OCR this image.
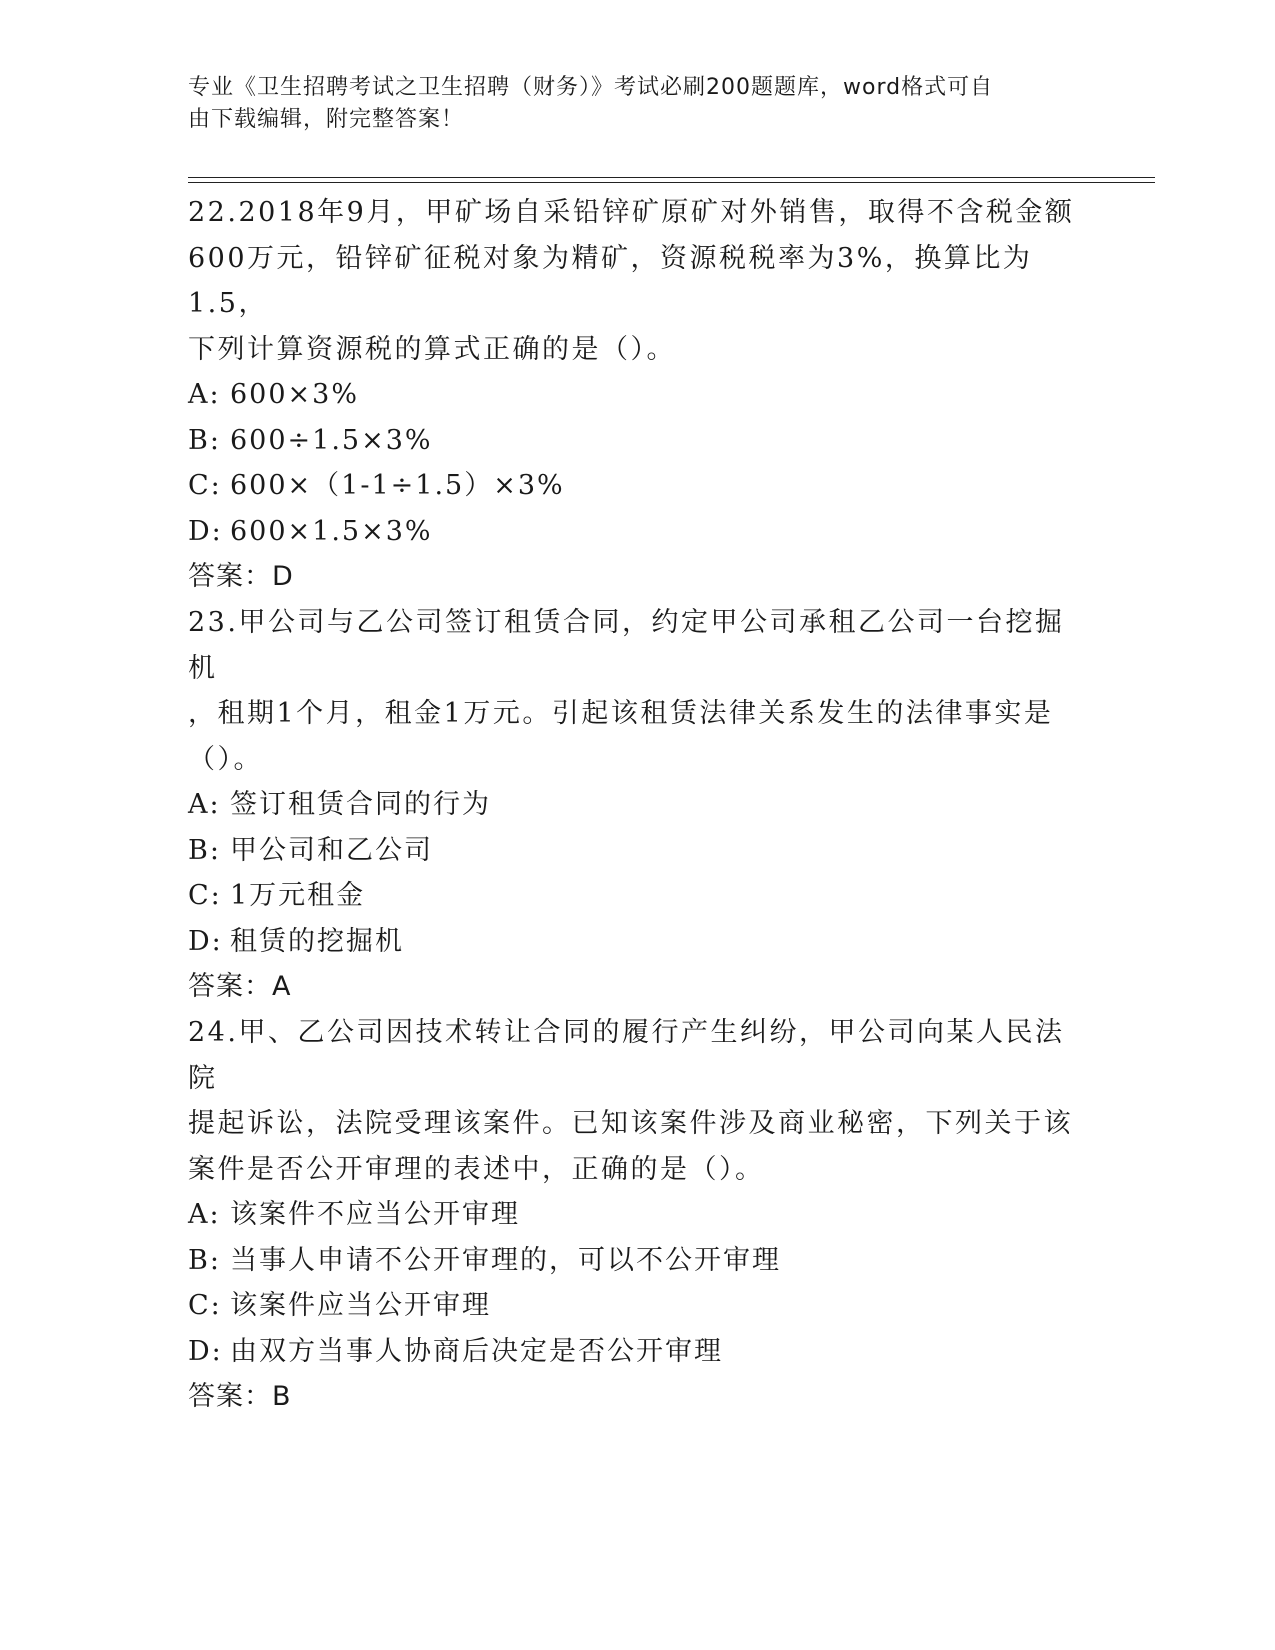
专业《卫生招聘考试之卫生招聘（财务）》考试必刷200题题库，word格式可自
由下载编辑，附完整答案！

22.2018年9月，甲矿场自采铅锌矿原矿对外销售，取得不含税金额

600万元，铅锌矿征税对象为精矿，资源税税率为3%，换算比为1.5，

下列计算资源税的算式正确的是（）。

A: 600×3%

B: 600÷1.5×3%

C: 600×（1-1÷1.5）×3%

D: 600×1.5×3%

答案：D

23.甲公司与乙公司签订租赁合同，约定甲公司承租乙公司一台挖掘机

，租期1个月，租金1万元。引起该租赁法律关系发生的法律事实是

（）。

A: 签订租赁合同的行为

B: 甲公司和乙公司

C: 1万元租金

D: 租赁的挖掘机

答案：A

24.甲、乙公司因技术转让合同的履行产生纠纷，甲公司向某人民法院

提起诉讼，法院受理该案件。已知该案件涉及商业秘密，下列关于该

案件是否公开审理的表述中，正确的是（）。

A: 该案件不应当公开审理

B: 当事人申请不公开审理的，可以不公开审理

C: 该案件应当公开审理

D: 由双方当事人协商后决定是否公开审理

答案：B
